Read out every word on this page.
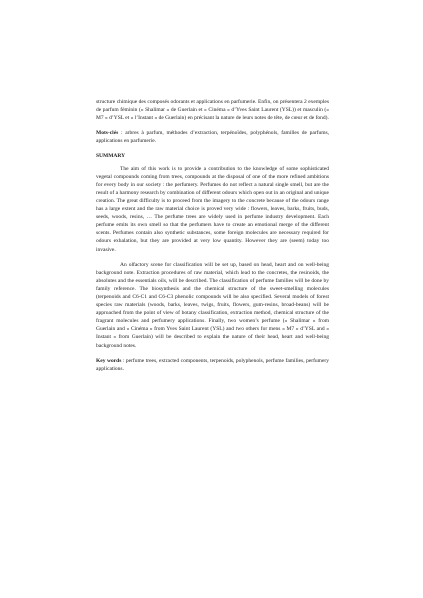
structure chimique des composés odorants et applications en parfumerie. Enfin, on présentera 2 exemples de parfum féminin (« Shalimar » de Guerlain et « Cinéma » d’Yves Saint Laurent (YSL)) et masculin (« M7 » d’YSL et « l’Instant » de Guerlain) en précisant la nature de leurs notes de tête, de cœur et de fond).

Mots-clés : arbres à parfum, méthodes d’extraction, terpénoïdes, polyphénols, familles de parfums, applications en parfumerie.

SUMMARY

The aim of this work is to provide a contribution to the knowledge of some sophisticated vegetal compounds coming from trees, compounds at the disposal of one of the more refined ambitions for every body in our society : the perfumery. Perfumes do not reflect a natural single smell, but are the result of a harmony research by combination of different odours which open out in an original and unique creation. The great difficulty is to proceed from the imagery to the concrete because of the odours range has a large extent and the raw material choice is proved very wide : flowers, leaves, barks, fruits, buds, seeds, woods, resins, … The perfume trees are widely used in perfume industry development. Each perfume emits its own smell so that the perfumers have to create an emotional merge of the different scents. Perfumes contain also synthetic substances, some foreign molecules are necessary required for odours exhalation, but they are provided at very low quantity. However they are (seem) today too invasive.

An olfactory scene for classification will be set up, based on head, heart and on well-being background note. Extraction procedures of raw material, which lead to the concretes, the resinoids, the absolutes and the essentials oils, will be described. The classification of perfume families will be done by family reference. The biosynthesis and the chemical structure of the sweet-smelling molecules (terpenoids and C6-C1 and C6-C3 phenolic compounds will be also specified. Several models of forest species raw materials (woods, barks, leaves, twigs, fruits, flowers, gum-resins, broad-beans) will be approached from the point of view of botany classification, extraction method, chemical structure of the fragrant molecules and perfumery applications. Finally, two women’s perfume (« Shalimar » from Guerlain and « Cinéma » from Yves Saint Laurent (YSL) and two others for mens « M7 » d’YSL and « Instant » from Guerlain) will be described to explain the nature of their head, heart and well-being background notes.

Key words : perfume trees, extracted components, terpenoids, polyphenols, perfume families, perfumery applications.
